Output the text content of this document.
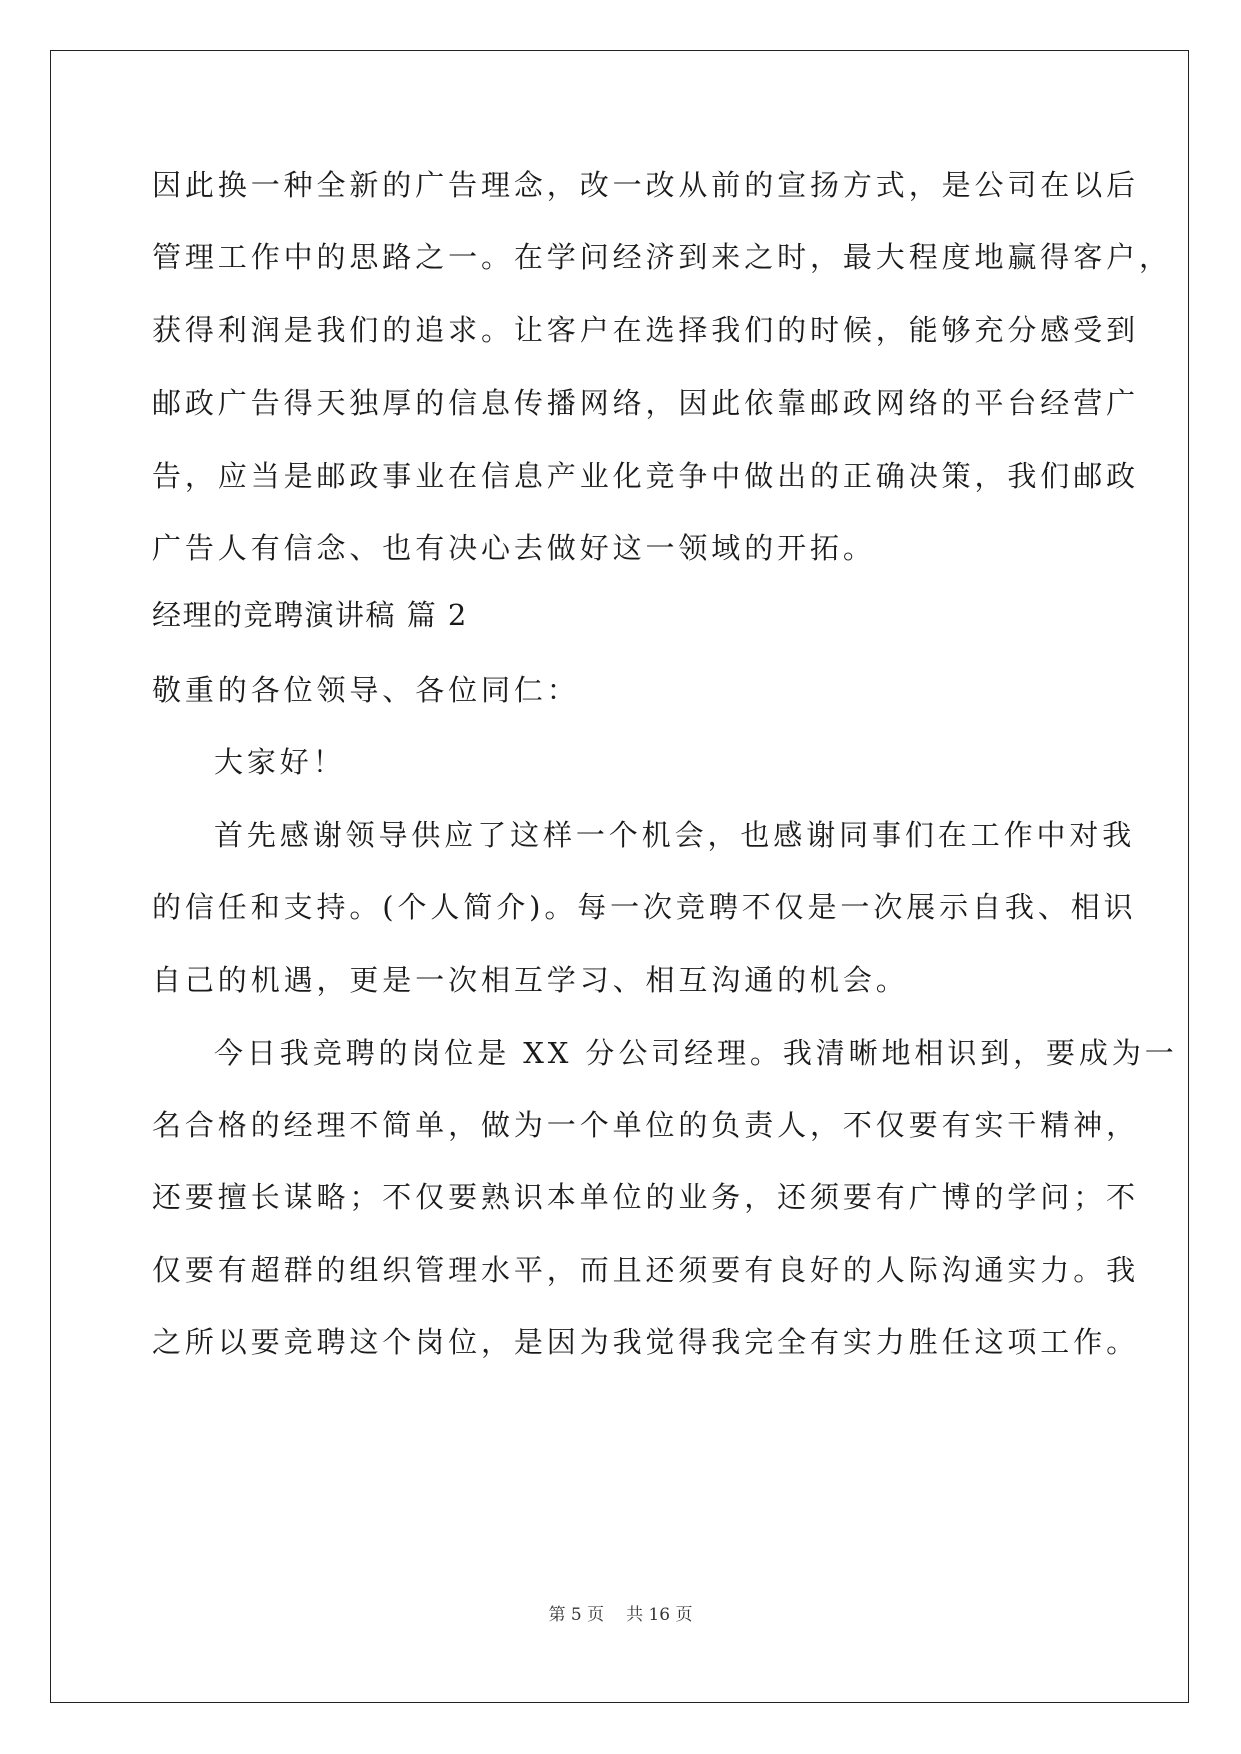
因此换一种全新的广告理念，改一改从前的宣扬方式，是公司在以后
管理工作中的思路之一。在学问经济到来之时，最大程度地赢得客户，
获得利润是我们的追求。让客户在选择我们的时候，能够充分感受到
邮政广告得天独厚的信息传播网络，因此依靠邮政网络的平台经营广
告，应当是邮政事业在信息产业化竞争中做出的正确决策，我们邮政
广告人有信念、也有决心去做好这一领域的开拓。
经理的竞聘演讲稿 篇 2
敬重的各位领导、各位同仁：
大家好！
首先感谢领导供应了这样一个机会，也感谢同事们在工作中对我
的信任和支持。(个人简介)。每一次竞聘不仅是一次展示自我、相识
自己的机遇，更是一次相互学习、相互沟通的机会。
今日我竞聘的岗位是 XX 分公司经理。我清晰地相识到，要成为一
名合格的经理不简单，做为一个单位的负责人，不仅要有实干精神，
还要擅长谋略；不仅要熟识本单位的业务，还须要有广博的学问；不
仅要有超群的组织管理水平，而且还须要有良好的人际沟通实力。我
之所以要竞聘这个岗位，是因为我觉得我完全有实力胜任这项工作。
第 5 页 共 16 页
